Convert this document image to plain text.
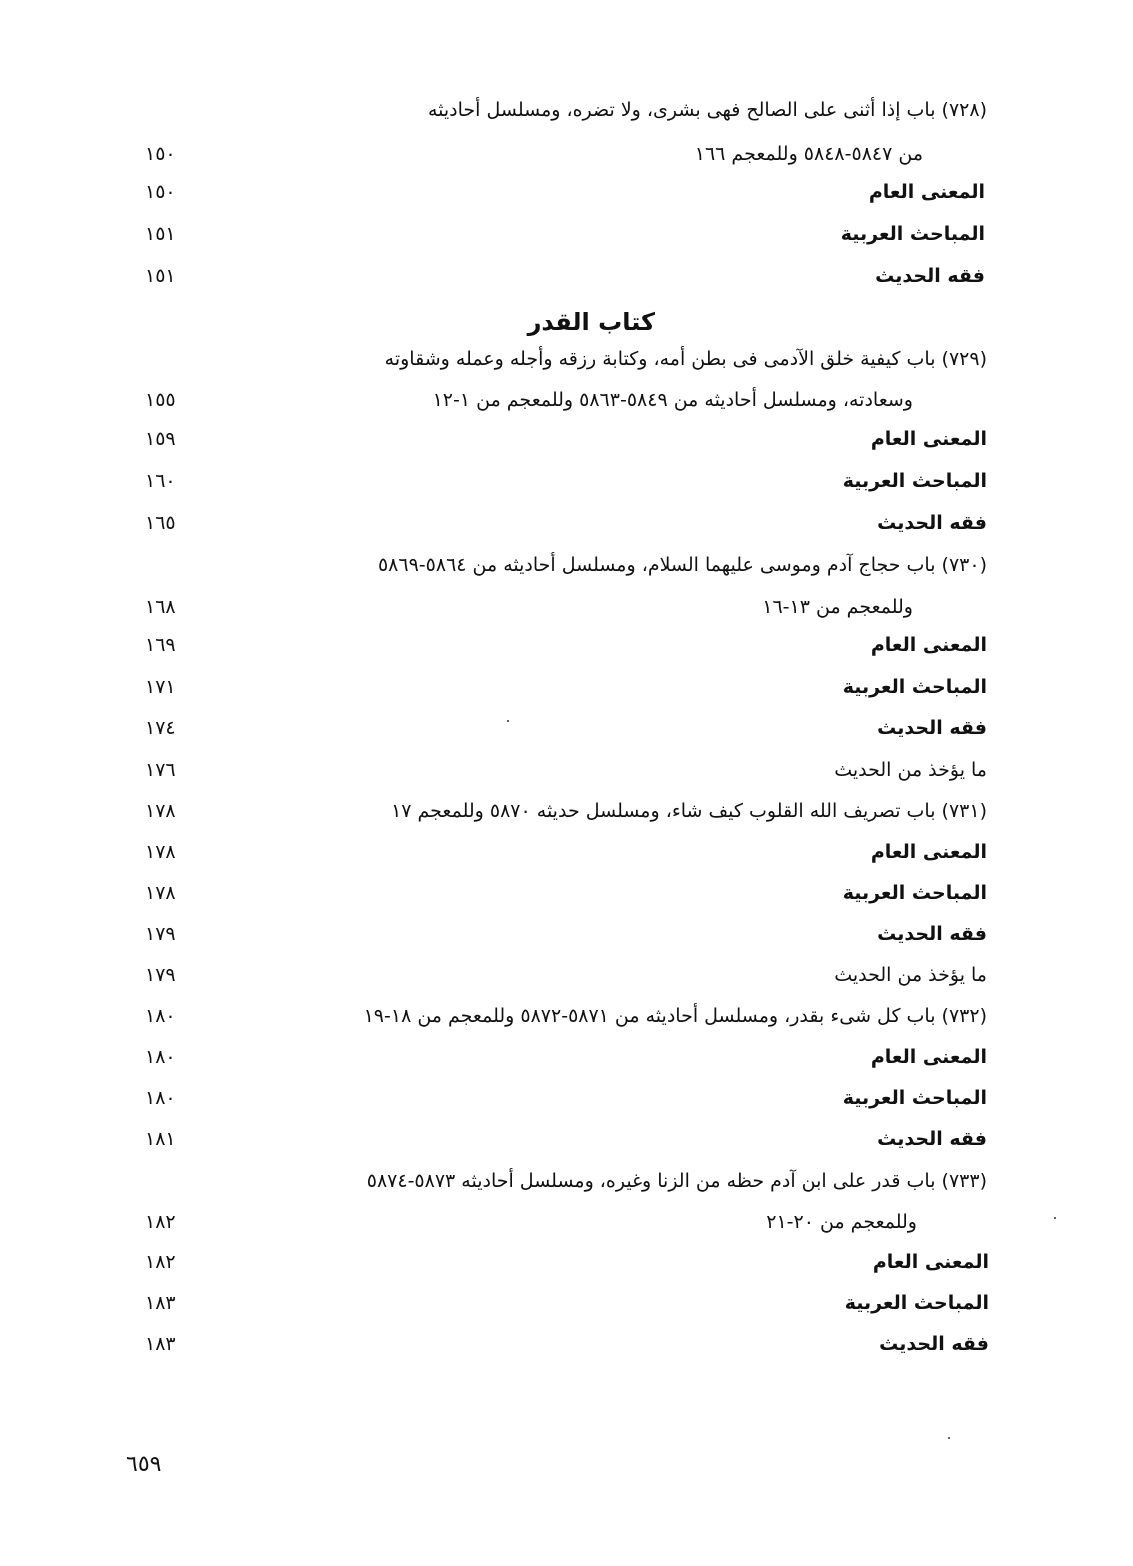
(٧٢٨) باب إذا أثنى على الصالح فهى بشرى، ولا تضره، ومسلسل أحاديثه
من ٥٨٤٧-٥٨٤٨ وللمعجم ١٦٦
١٥٠
المعنى العام
١٥٠
المباحث العربية
١٥١
فقه الحديث
١٥١
كتاب القدر
(٧٢٩) باب كيفية خلق الآدمى فى بطن أمه، وكتابة رزقه وأجله وعمله وشقاوته
وسعادته، ومسلسل أحاديثه من ٥٨٤٩-٥٨٦٣ وللمعجم من ١-١٢
١٥٥
المعنى العام
١٥٩
المباحث العربية
١٦٠
فقه الحديث
١٦٥
(٧٣٠) باب حجاج آدم وموسى عليهما السلام، ومسلسل أحاديثه من ٥٨٦٤-٥٨٦٩
وللمعجم من ١٣-١٦
١٦٨
المعنى العام
١٦٩
المباحث العربية
١٧١
فقه الحديث
١٧٤
ما يؤخذ من الحديث
١٧٦
(٧٣١) باب تصريف الله القلوب كيف شاء، ومسلسل حديثه ٥٨٧٠ وللمعجم ١٧
١٧٨
المعنى العام
١٧٨
المباحث العربية
١٧٨
فقه الحديث
١٧٩
ما يؤخذ من الحديث
١٧٩
(٧٣٢) باب كل شىء بقدر، ومسلسل أحاديثه من ٥٨٧١-٥٨٧٢ وللمعجم من ١٨-١٩
١٨٠
المعنى العام
١٨٠
المباحث العربية
١٨٠
فقه الحديث
١٨١
(٧٣٣) باب قدر على ابن آدم حظه من الزنا وغيره، ومسلسل أحاديثه ٥٨٧٣-٥٨٧٤
وللمعجم من ٢٠-٢١
١٨٢
المعنى العام
١٨٢
المباحث العربية
١٨٣
فقه الحديث
١٨٣
٦٥٩
